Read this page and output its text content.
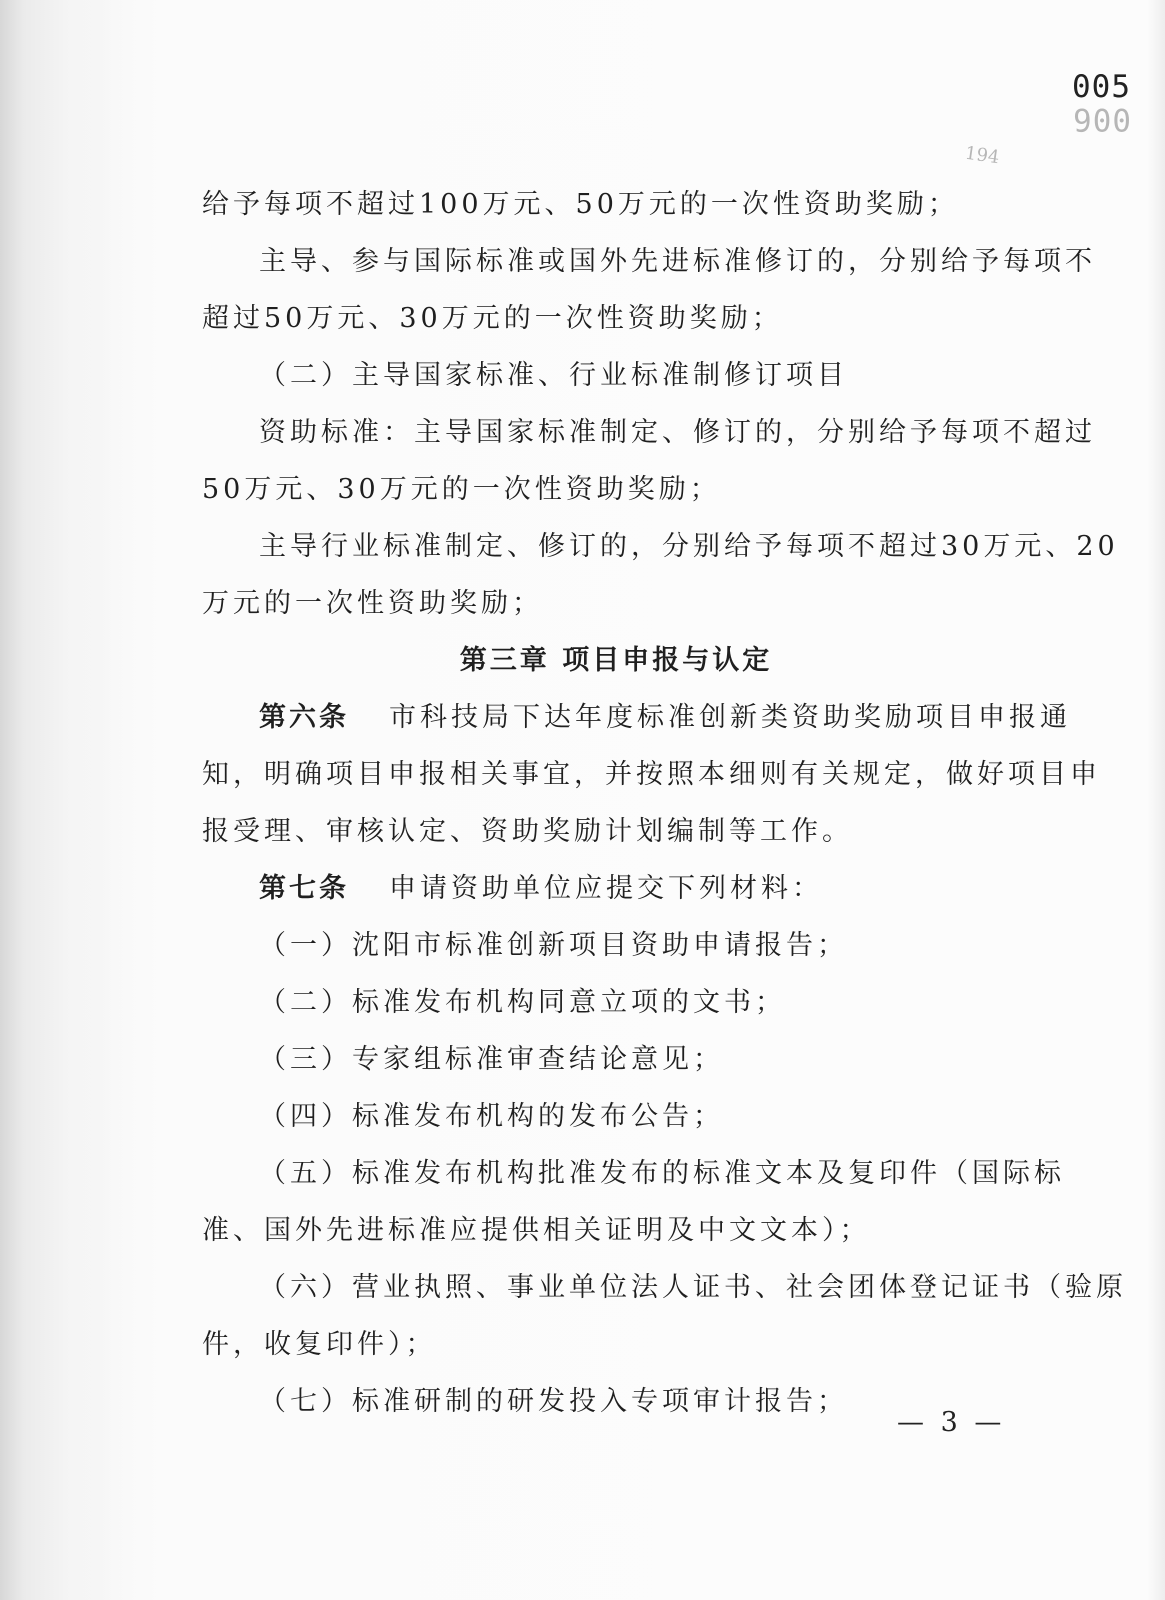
005
006
194
给予每项不超过100万元、50万元的一次性资助奖励；
主导、参与国际标准或国外先进标准修订的，分别给予每项不
超过50万元、30万元的一次性资助奖励；
（二）主导国家标准、行业标准制修订项目
资助标准：主导国家标准制定、修订的，分别给予每项不超过
50万元、30万元的一次性资助奖励；
主导行业标准制定、修订的，分别给予每项不超过30万元、20
万元的一次性资助奖励；
第三章 项目申报与认定
第六条 市科技局下达年度标准创新类资助奖励项目申报通
知，明确项目申报相关事宜，并按照本细则有关规定，做好项目申
报受理、审核认定、资助奖励计划编制等工作。
第七条 申请资助单位应提交下列材料：
（一）沈阳市标准创新项目资助申请报告；
（二）标准发布机构同意立项的文书；
（三）专家组标准审查结论意见；
（四）标准发布机构的发布公告；
（五）标准发布机构批准发布的标准文本及复印件（国际标
准、国外先进标准应提供相关证明及中文文本）；
（六）营业执照、事业单位法人证书、社会团体登记证书（验原
件，收复印件）；
（七）标准研制的研发投入专项审计报告；
— 3 —
